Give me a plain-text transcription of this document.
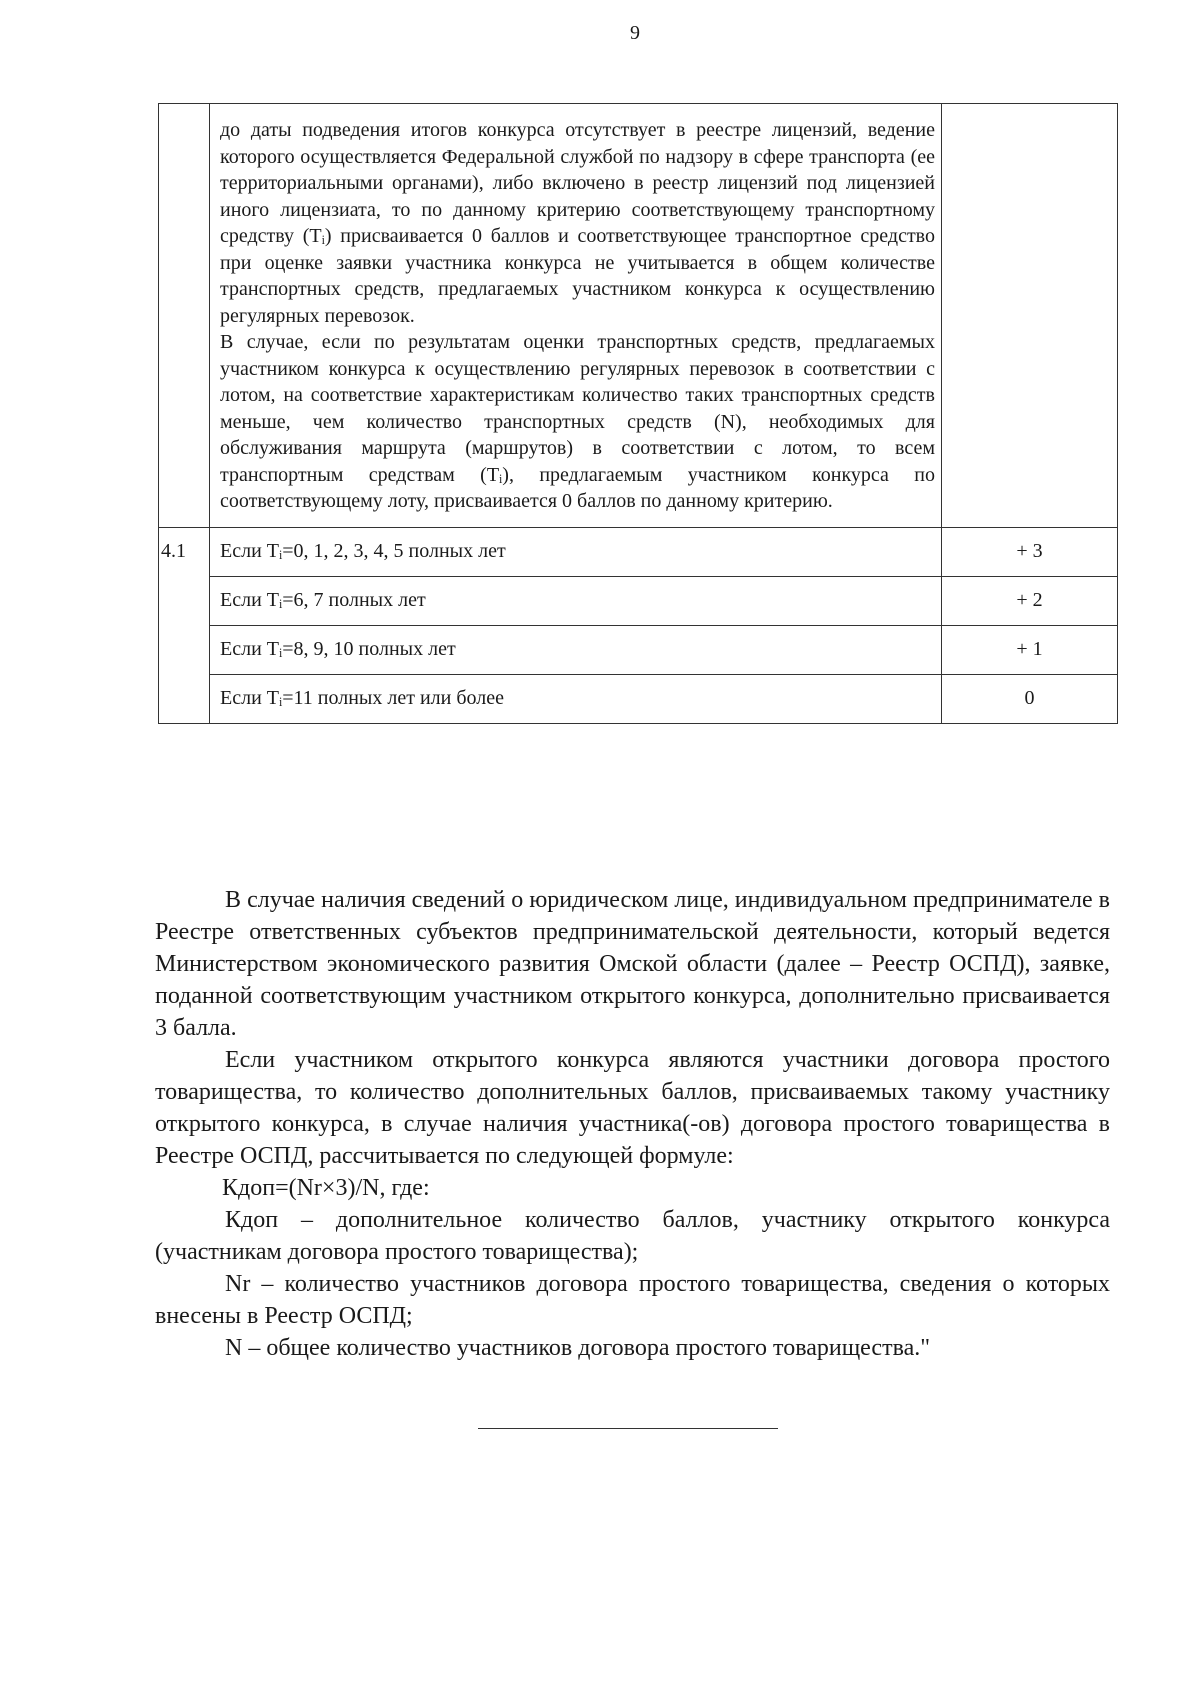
9

	до даты подведения итогов конкурса отсутствует в реестре лицензий, ведение которого осуществляется Федеральной службой по надзору в сфере транспорта (ее территориальными органами), либо включено в реестр лицензий под лицензией иного лицензиата, то по данному критерию соответствующему транспортному средству (Tᵢ) присваивается 0 баллов и соответствующее транспортное средство при оценке заявки участника конкурса не учитывается в общем количестве транспортных средств, предлагаемых участником конкурса к осуществлению регулярных перевозок.

В случае, если по результатам оценки транспортных средств, предлагаемых участником конкурса к осуществлению регулярных перевозок в соответствии с лотом, на соответствие характеристикам количество таких транспортных средств меньше, чем количество транспортных средств (N), необходимых для обслуживания маршрута (маршрутов) в соответствии с лотом, то всем транспортным средствам (Tᵢ), предлагаемым участником конкурса по соответствующему лоту, присваивается 0 баллов по данному критерию.	

4.1	Если Tᵢ=0, 1, 2, 3, 4, 5 полных лет	+ 3
	Если Tᵢ=6, 7 полных лет	+ 2
	Если Tᵢ=8, 9, 10 полных лет	+ 1
	Если Tᵢ=11 полных лет или более	0

В случае наличия сведений о юридическом лице, индивидуальном предпринимателе в Реестре ответственных субъектов предпринимательской деятельности, который ведется Министерством экономического развития Омской области (далее – Реестр ОСПД), заявке, поданной соответствующим участником открытого конкурса, дополнительно присваивается 3 балла.

Если участником открытого конкурса являются участники договора простого товарищества, то количество дополнительных баллов, присваиваемых такому участнику открытого конкурса, в случае наличия участника(-ов) договора простого товарищества в Реестре ОСПД, рассчитывается по следующей формуле:

Кдоп=(Nr×3)/N, где:

Кдоп – дополнительное количество баллов, участнику открытого конкурса (участникам договора простого товарищества);

Nr – количество участников договора простого товарищества, сведения о которых внесены в Реестр ОСПД;

N – общее количество участников договора простого товарищества."
